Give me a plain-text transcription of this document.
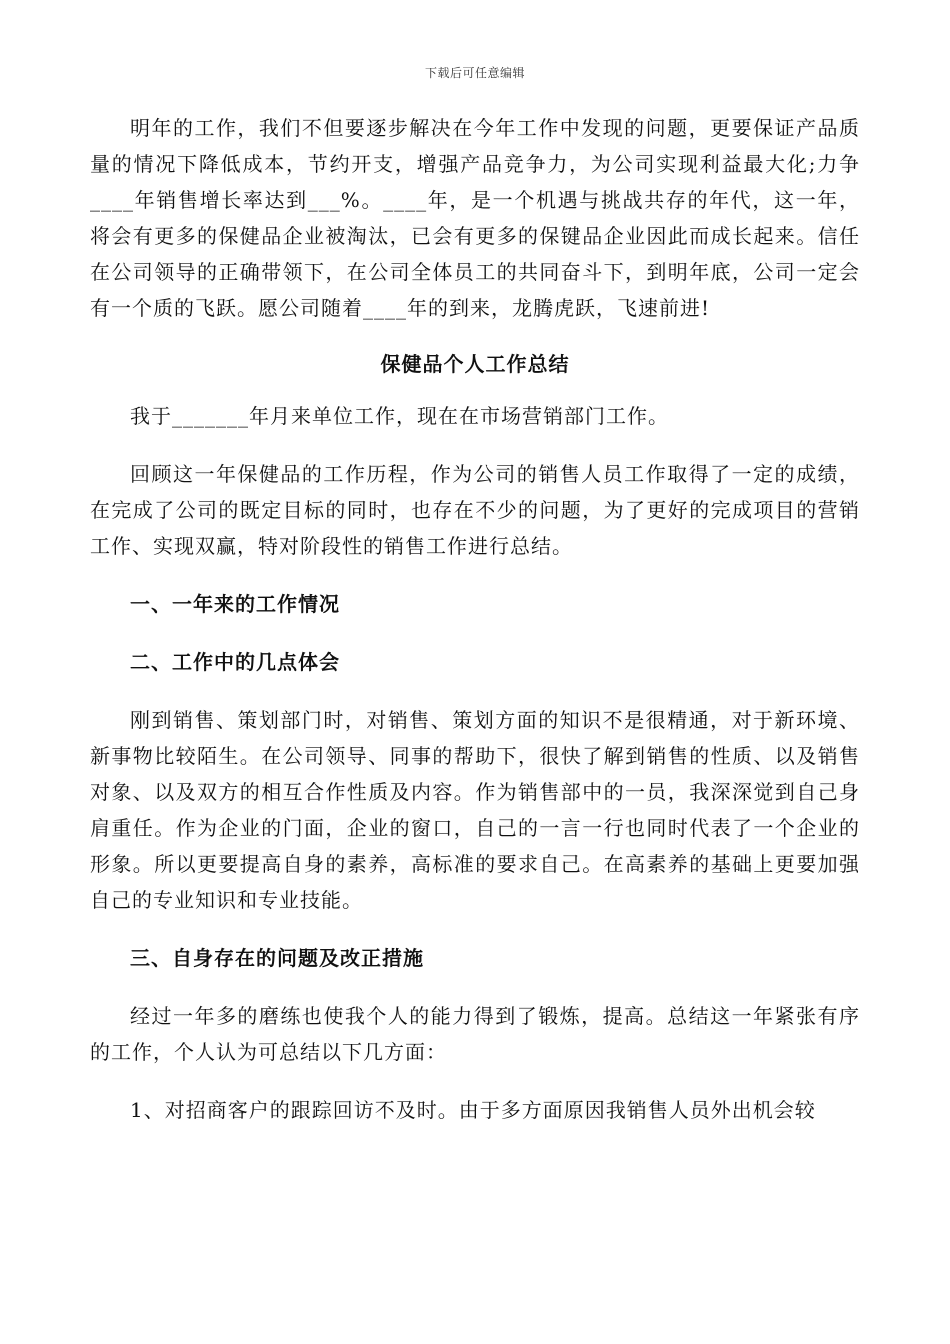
下载后可任意编辑

明年的工作，我们不但要逐步解决在今年工作中发现的问题，更要保证产品质量的情况下降低成本，节约开支，增强产品竞争力，为公司实现利益最大化;力争____年销售增长率达到___%。____年，是一个机遇与挑战共存的年代，这一年，将会有更多的保健品企业被淘汰，已会有更多的保键品企业因此而成长起来。信任在公司领导的正确带领下，在公司全体员工的共同奋斗下，到明年底，公司一定会有一个质的飞跃。愿公司随着____年的到来，龙腾虎跃，飞速前进!

保健品个人工作总结

我于_______年月来单位工作，现在在市场营销部门工作。

回顾这一年保健品的工作历程，作为公司的销售人员工作取得了一定的成绩，在完成了公司的既定目标的同时，也存在不少的问题，为了更好的完成项目的营销工作、实现双赢，特对阶段性的销售工作进行总结。

一、一年来的工作情况

二、工作中的几点体会

刚到销售、策划部门时，对销售、策划方面的知识不是很精通，对于新环境、新事物比较陌生。在公司领导、同事的帮助下，很快了解到销售的性质、以及销售对象、以及双方的相互合作性质及内容。作为销售部中的一员，我深深觉到自己身肩重任。作为企业的门面，企业的窗口，自己的一言一行也同时代表了一个企业的形象。所以更要提高自身的素养，高标准的要求自己。在高素养的基础上更要加强自己的专业知识和专业技能。

三、自身存在的问题及改正措施

经过一年多的磨练也使我个人的能力得到了锻炼，提高。总结这一年紧张有序的工作，个人认为可总结以下几方面：

1、对招商客户的跟踪回访不及时。由于多方面原因我销售人员外出机会较
